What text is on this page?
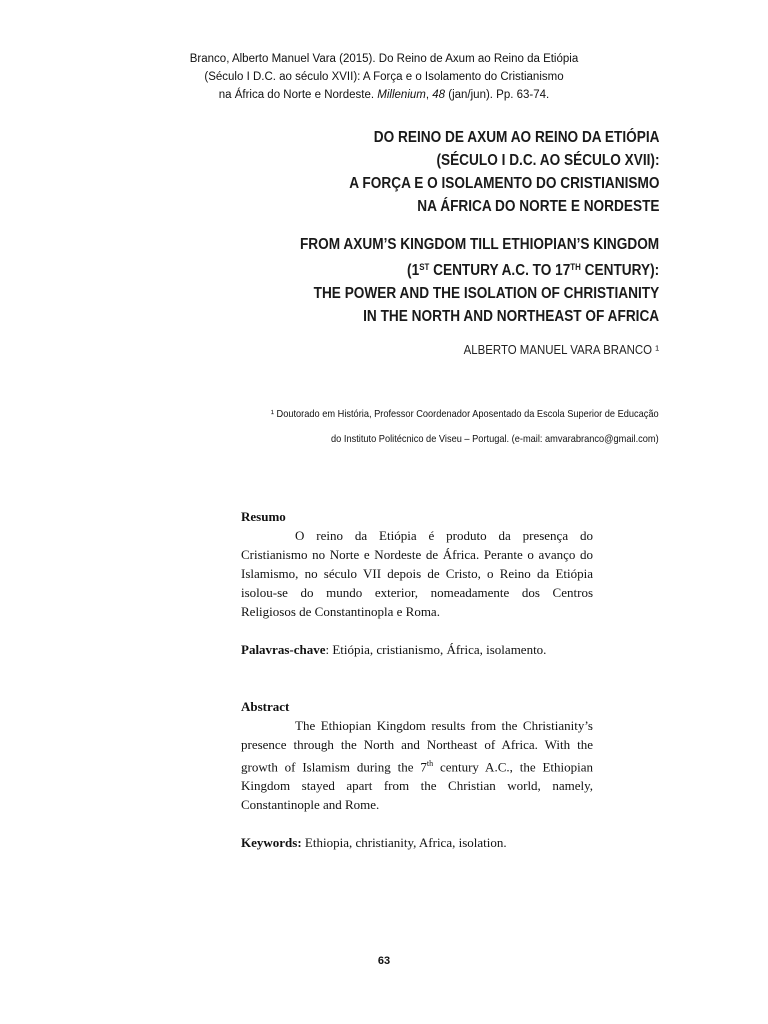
Branco, Alberto Manuel Vara (2015). Do Reino de Axum ao Reino da Etiópia
(Século I D.C. ao século XVII): A Força e o Isolamento do Cristianismo
na África do Norte e Nordeste. Millenium, 48 (jan/jun). Pp. 63-74.
DO REINO DE AXUM AO REINO DA ETIÓPIA
(SÉCULO I D.C. AO SÉCULO XVII):
A FORÇA E O ISOLAMENTO DO CRISTIANISMO
NA ÁFRICA DO NORTE E NORDESTE
FROM AXUM’S KINGDOM TILL ETHIOPIAN’S KINGDOM
(1ST CENTURY A.C. TO 17TH CENTURY):
THE POWER AND THE ISOLATION OF CHRISTIANITY
IN THE NORTH AND NORTHEAST OF AFRICA
ALBERTO MANUEL VARA BRANCO ¹
¹ Doutorado em História, Professor Coordenador Aposentado da Escola Superior de Educação
do Instituto Politécnico de Viseu – Portugal. (e-mail: amvarabranco@gmail.com)
Resumo

O reino da Etiópia é produto da presença do Cristianismo no Norte e Nordeste de África. Perante o avanço do Islamismo, no século VII depois de Cristo, o Reino da Etiópia isolou-se do mundo exterior, nomeadamente dos Centros Religiosos de Constantinopla e Roma.

Palavras-chave: Etiópia, cristianismo, África, isolamento.
Abstract

The Ethiopian Kingdom results from the Christianity’s presence through the North and Northeast of Africa. With the growth of Islamism during the 7th century A.C., the Ethiopian Kingdom stayed apart from the Christian world, namely, Constantinople and Rome.

Keywords: Ethiopia, christianity, Africa, isolation.
63
